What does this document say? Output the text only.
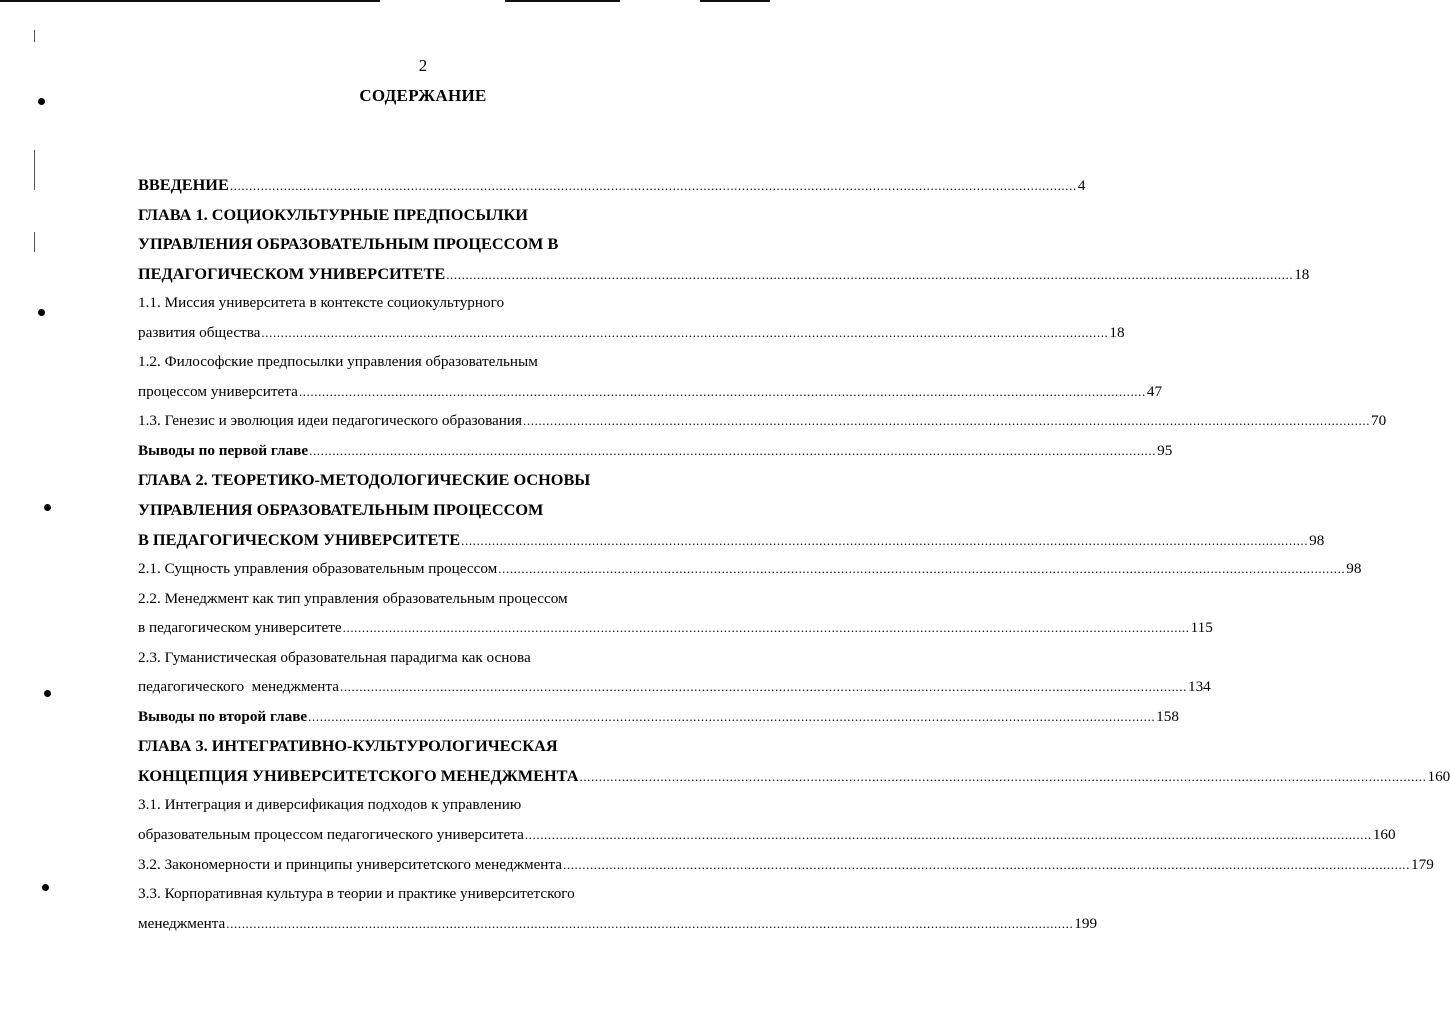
2
СОДЕРЖАНИЕ
ВВЕДЕНИЕ ............................................................................................................................................................................................................................ 4
ГЛАВА 1. СОЦИОКУЛЬТУРНЫЕ ПРЕДПОСЫЛКИ
УПРАВЛЕНИЯ ОБРАЗОВАТЕЛЬНЫМ ПРОЦЕССОМ В
ПЕДАГОГИЧЕСКОМ УНИВЕРСИТЕТЕ ............................................................................................................................................................................................................................ 18
1.1. Миссия университета в контексте социокультурного
развития общества ............................................................................................................................................................................................................................ 18
1.2. Философские предпосылки управления образовательным
процессом университета ............................................................................................................................................................................................................................ 47
1.3. Генезис и эволюция идеи педагогического образования ............................................................................................................................................................................................................................ 70
Выводы по первой главе ............................................................................................................................................................................................................................ 95
ГЛАВА 2. ТЕОРЕТИКО-МЕТОДОЛОГИЧЕСКИЕ ОСНОВЫ
УПРАВЛЕНИЯ ОБРАЗОВАТЕЛЬНЫМ ПРОЦЕССОМ
В ПЕДАГОГИЧЕСКОМ УНИВЕРСИТЕТЕ ............................................................................................................................................................................................................................ 98
2.1. Сущность управления образовательным процессом ............................................................................................................................................................................................................................ 98
2.2. Менеджмент как тип управления образовательным процессом
в педагогическом университете ............................................................................................................................................................................................................................ 115
2.3. Гуманистическая образовательная парадигма как основа
педагогического  менеджмента ............................................................................................................................................................................................................................ 134
Выводы по второй главе ............................................................................................................................................................................................................................ 158
ГЛАВА 3. ИНТЕГРАТИВНО-КУЛЬТУРОЛОГИЧЕСКАЯ
КОНЦЕПЦИЯ УНИВЕРСИТЕТСКОГО МЕНЕДЖМЕНТА ............................................................................................................................................................................................................................ 160
3.1. Интеграция и диверсификация подходов к управлению
образовательным процессом педагогического университета ............................................................................................................................................................................................................................ 160
3.2. Закономерности и принципы университетского менеджмента ............................................................................................................................................................................................................................ 179
3.3. Корпоративная культура в теории и практике университетского
менеджмента ............................................................................................................................................................................................................................ 199
